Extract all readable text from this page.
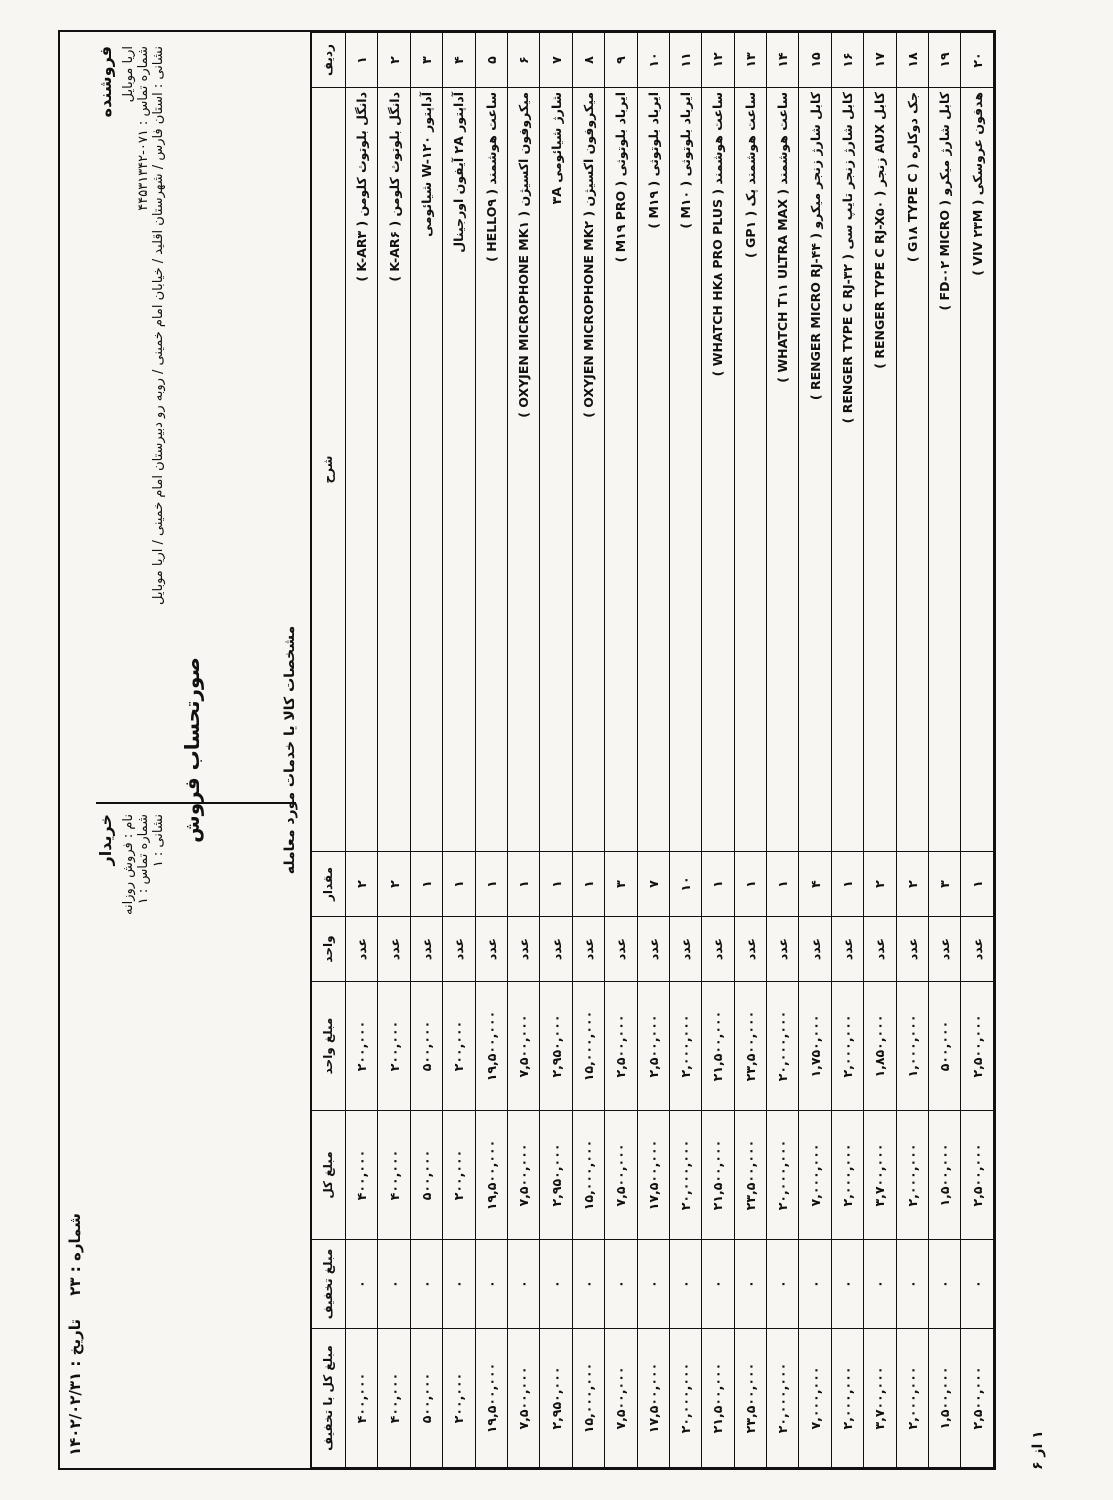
شماره : ۲۳ تاریخ : ۱۴۰۲/۰۲/۳۱
صورتحساب فروش
فروشنده اریا موبایل
شماره تماس : ۰۷۱-۴۴۵۳۱۳۴۲ نشانی : استان فارس / شهرستان اقلید / خیابان امام خمینی / روبه رو دبیرستان امام خمینی / اریا موبایل
خریدار نام : فروش روزانه شماره تماس : ۱ نشانی : ۱	مشخصات کالا یا خدمات مورد معامله
ردیف	شرح	مقدار	واحد	مبلغ واحد	مبلغ کل	مبلغ تخفیف	مبلغ کل با تخفیف
۱	دانگل بلوتوث کلومن ( K-AR۳ )	۲	عدد	۲۰۰,۰۰۰	۴۰۰,۰۰۰	۰	۴۰۰,۰۰۰
۲	دانگل بلوتوث کلومن ( K-AR۶ )	۲	عدد	۲۰۰,۰۰۰	۴۰۰,۰۰۰	۰	۴۰۰,۰۰۰
۳	آداپتور W-۱۲۰ شیائومی	۱	عدد	۵۰۰,۰۰۰	۵۰۰,۰۰۰	۰	۵۰۰,۰۰۰
۴	آداپتور ۲A آیفون اورجینال	۱	عدد	۲۰۰,۰۰۰	۲۰۰,۰۰۰	۰	۲۰۰,۰۰۰
۵	ساعت هوشمند ( HELLO۹ )	۱	عدد	۱۹,۵۰۰,۰۰۰	۱۹,۵۰۰,۰۰۰	۰	۱۹,۵۰۰,۰۰۰
۶	میکروفون اکسیژن ( OXYJEN MICROPHONE MK۱ )	۱	عدد	۷,۵۰۰,۰۰۰	۷,۵۰۰,۰۰۰	۰	۷,۵۰۰,۰۰۰
۷	شارژ شیائومی ۳A	۱	عدد	۲,۹۵۰,۰۰۰	۲,۹۵۰,۰۰۰	۰	۲,۹۵۰,۰۰۰
۸	میکروفون اکسیژن ( OXYJEN MICROPHONE MK۲ )	۱	عدد	۱۵,۰۰۰,۰۰۰	۱۵,۰۰۰,۰۰۰	۰	۱۵,۰۰۰,۰۰۰
۹	ایرباد بلوتوثی ( M۱۹ PRO )	۳	عدد	۲,۵۰۰,۰۰۰	۷,۵۰۰,۰۰۰	۰	۷,۵۰۰,۰۰۰
۱۰	ایرباد بلوتوثی ( M۱۹ )	۷	عدد	۲,۵۰۰,۰۰۰	۱۷,۵۰۰,۰۰۰	۰	۱۷,۵۰۰,۰۰۰
۱۱	ایرباد بلوتوثی ( M۱۰ )	۱۰	عدد	۲,۰۰۰,۰۰۰	۲۰,۰۰۰,۰۰۰	۰	۲۰,۰۰۰,۰۰۰
۱۲	ساعت هوشمند ( WHATCH HK۸ PRO PLUS )	۱	عدد	۲۱,۵۰۰,۰۰۰	۲۱,۵۰۰,۰۰۰	۰	۲۱,۵۰۰,۰۰۰
۱۳	ساعت هوشمند پک ( GP۱ )	۱	عدد	۲۳,۵۰۰,۰۰۰	۲۳,۵۰۰,۰۰۰	۰	۲۳,۵۰۰,۰۰۰
۱۴	ساعت هوشمند ( WHATCH T۱۱ ULTRA MAX )	۱	عدد	۲۰,۰۰۰,۰۰۰	۲۰,۰۰۰,۰۰۰	۰	۲۰,۰۰۰,۰۰۰
۱۵	کابل شارژ زنجر میکرو ( RENGER MICRO RJ-۴۴ )	۴	عدد	۱,۷۵۰,۰۰۰	۷,۰۰۰,۰۰۰	۰	۷,۰۰۰,۰۰۰
۱۶	کابل شارژ زنجر تایپ سی ( RENGER TYPE C RJ-۳۲ )	۱	عدد	۲,۰۰۰,۰۰۰	۲,۰۰۰,۰۰۰	۰	۲,۰۰۰,۰۰۰
۱۷	کابل AUX زنجر ( RENGER TYPE C RJ-X۵۰ )	۲	عدد	۱,۸۵۰,۰۰۰	۳,۷۰۰,۰۰۰	۰	۳,۷۰۰,۰۰۰
۱۸	جک دوکاره ( G۱۸ TYPE C )	۲	عدد	۱,۰۰۰,۰۰۰	۲,۰۰۰,۰۰۰	۰	۲,۰۰۰,۰۰۰
۱۹	کابل شارژ میکرو ( FD-۰۲ MICRO )	۳	عدد	۵۰۰,۰۰۰	۱,۵۰۰,۰۰۰	۰	۱,۵۰۰,۰۰۰
۲۰	هدفون عروسکی ( VIV ۲۳M )	۱	عدد	۲,۵۰۰,۰۰۰	۲,۵۰۰,۰۰۰	۰	۲,۵۰۰,۰۰۰
۱ از ۶
